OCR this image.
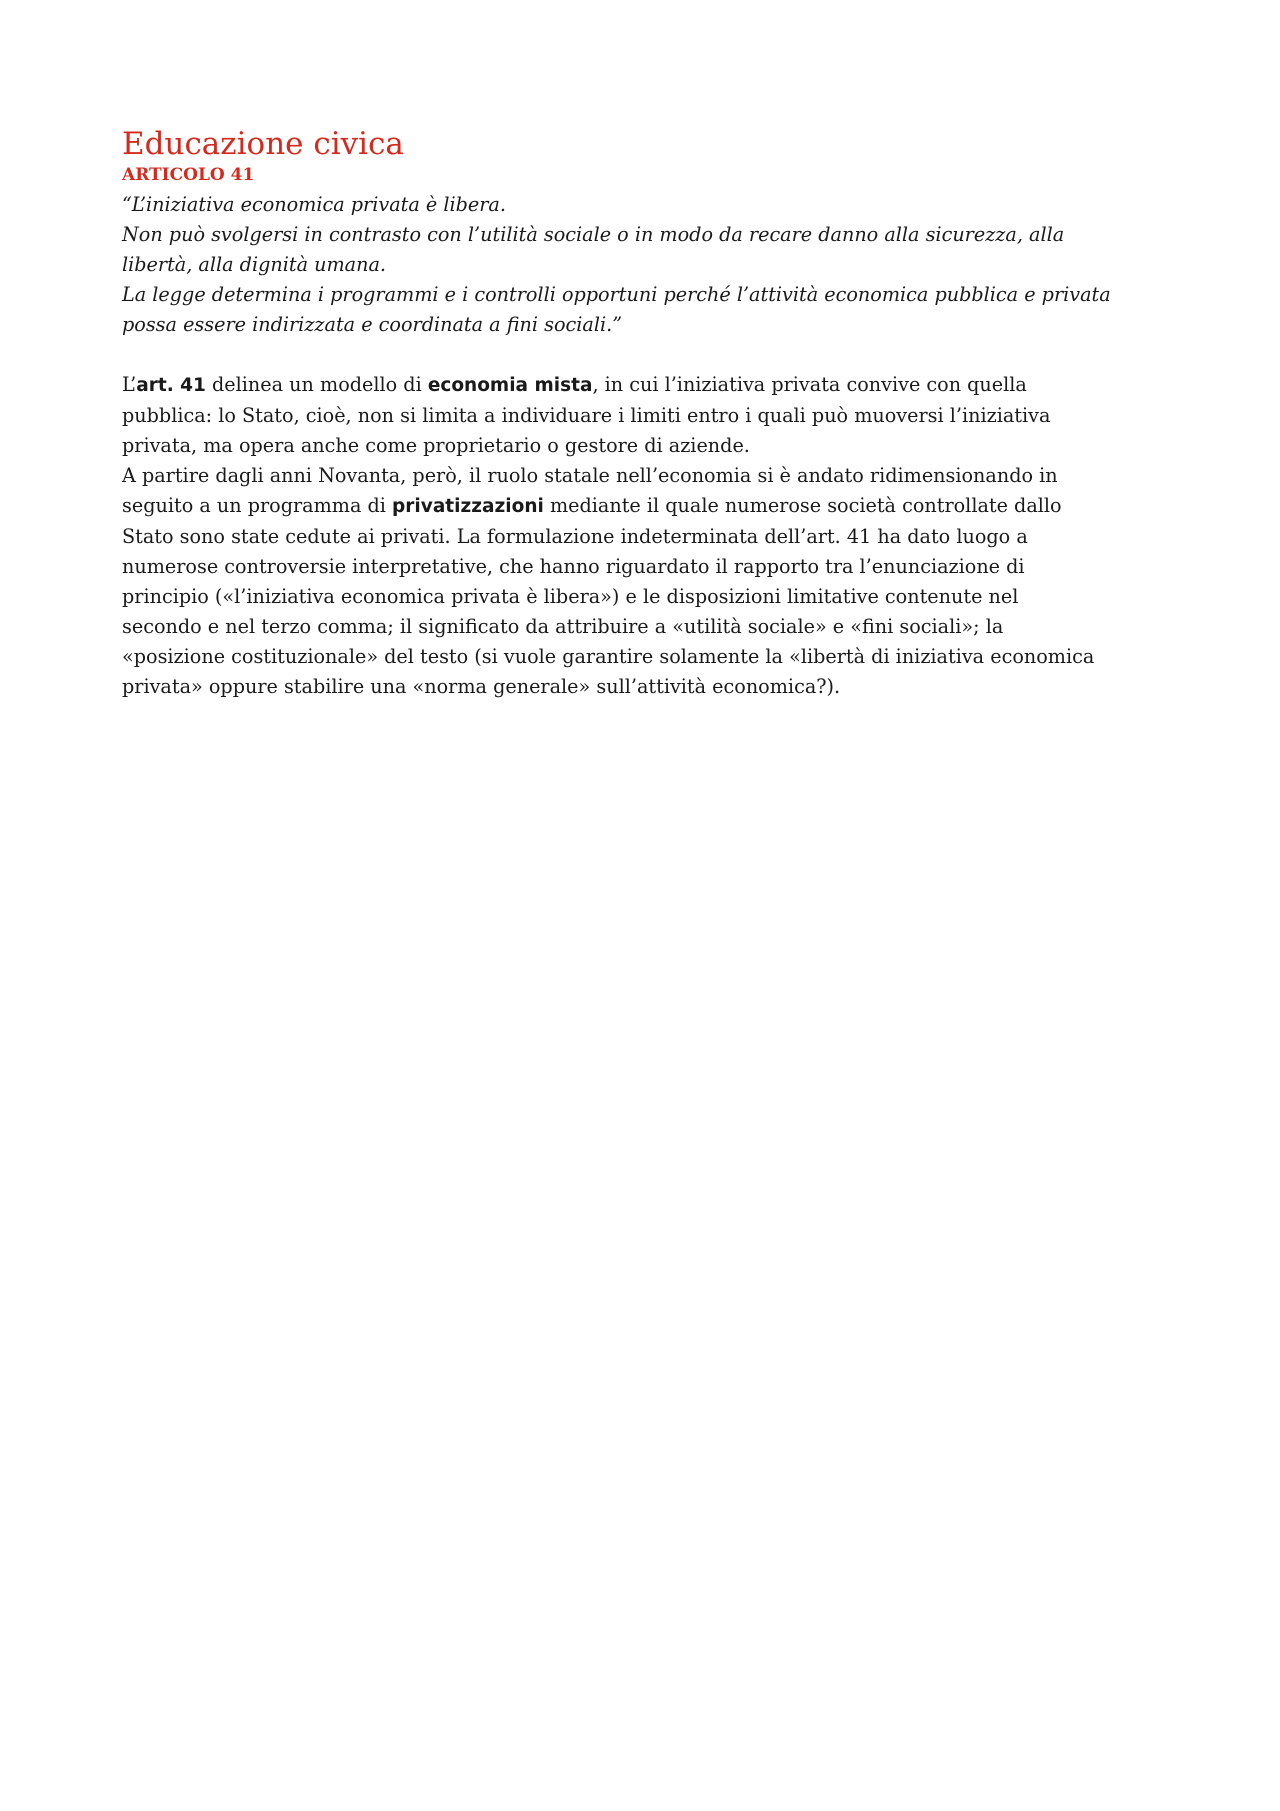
Educazione civica
ARTICOLO 41

“L’iniziativa economica privata è libera.
Non può svolgersi in contrasto con l’utilità sociale o in modo da recare danno alla sicurezza, alla
libertà, alla dignità umana.
La legge determina i programmi e i controlli opportuni perché l’attività economica pubblica e privata
possa essere indirizzata e coordinata a fini sociali.”

L’art. 41 delinea un modello di economia mista, in cui l’iniziativa privata convive con quella
pubblica: lo Stato, cioè, non si limita a individuare i limiti entro i quali può muoversi l’iniziativa
privata, ma opera anche come proprietario o gestore di aziende.
A partire dagli anni Novanta, però, il ruolo statale nell’economia si è andato ridimensionando in
seguito a un programma di privatizzazioni mediante il quale numerose società controllate dallo
Stato sono state cedute ai privati. La formulazione indeterminata dell’art. 41 ha dato luogo a
numerose controversie interpretative, che hanno riguardato il rapporto tra l’enunciazione di
principio («l’iniziativa economica privata è libera») e le disposizioni limitative contenute nel
secondo e nel terzo comma; il significato da attribuire a «utilità sociale» e «fini sociali»; la
«posizione costituzionale» del testo (si vuole garantire solamente la «libertà di iniziativa economica
privata» oppure stabilire una «norma generale» sull’attività economica?).
